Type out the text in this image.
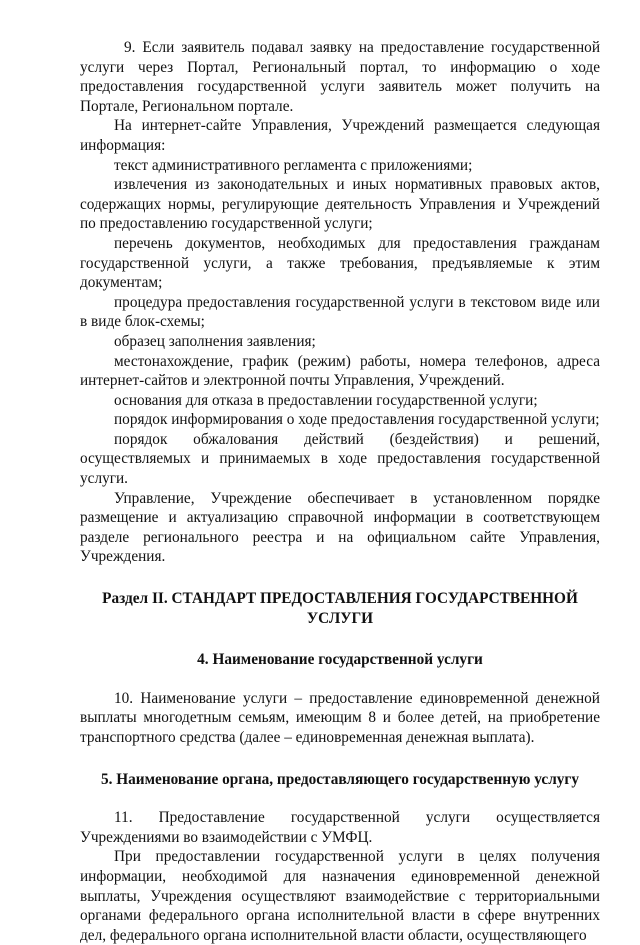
9. Если заявитель подавал заявку на предоставление государственной услуги через Портал, Региональный портал, то информацию о ходе предоставления государственной услуги заявитель может получить на Портале, Региональном портале.

На интернет-сайте Управления, Учреждений размещается следующая информация:

текст административного регламента с приложениями;

извлечения из законодательных и иных нормативных правовых актов, содержащих нормы, регулирующие деятельность Управления и Учреждений по предоставлению государственной услуги;

перечень документов, необходимых для предоставления гражданам государственной услуги, а также требования, предъявляемые к этим документам;

процедура предоставления государственной услуги в текстовом виде или в виде блок-схемы;

образец заполнения заявления;

местонахождение, график (режим) работы, номера телефонов, адреса интернет-сайтов и электронной почты Управления, Учреждений.

основания для отказа в предоставлении государственной услуги;

порядок информирования о ходе предоставления государственной услуги;

порядок обжалования действий (бездействия) и решений, осуществляемых и принимаемых в ходе предоставления государственной услуги.

Управление, Учреждение обеспечивает в установленном порядке размещение и актуализацию справочной информации в соответствующем разделе регионального реестра и на официальном сайте Управления, Учреждения.

Раздел II. СТАНДАРТ ПРЕДОСТАВЛЕНИЯ ГОСУДАРСТВЕННОЙ УСЛУГИ
4. Наименование государственной услуги

10. Наименование услуги – предоставление единовременной денежной выплаты многодетным семьям, имеющим 8 и более детей, на приобретение транспортного средства (далее – единовременная денежная выплата).

5. Наименование органа, предоставляющего государственную услугу

11. Предоставление государственной услуги осуществляется Учреждениями во взаимодействии с УМФЦ.

При предоставлении государственной услуги в целях получения информации, необходимой для назначения единовременной денежной выплаты, Учреждения осуществляют взаимодействие с территориальными органами федерального органа исполнительной власти в сфере внутренних дел, федерального органа исполнительной власти области, осуществляющего
